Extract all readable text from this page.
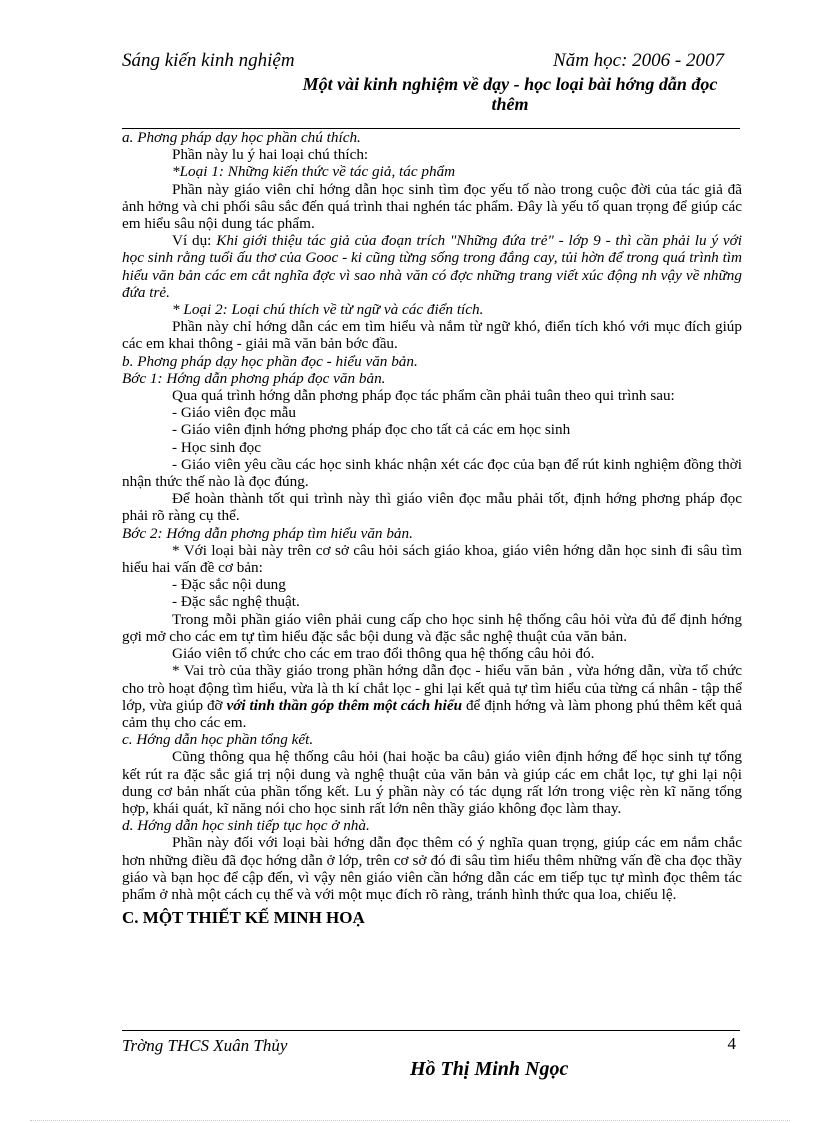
Sáng kiến kinh nghiệm	Năm học: 2006 - 2007
Một vài kinh nghiệm về dạy - học loại bài hớng dẫn đọc thêm

a. Phơng pháp dạy học phần chú thích.

Phần này lu ý hai loại chú thích:

*Loại 1: Những kiến thức về tác giả, tác phẩm

Phần này giáo viên chỉ hớng dẫn học sinh tìm đọc yếu tố nào trong cuộc đời của tác giả đã ảnh hởng và chi phối sâu sắc đến quá trình thai nghén tác phẩm. Đây là yếu tố quan trọng để giúp các em hiểu sâu nội dung tác phẩm.

Ví dụ: Khi giới thiệu tác giả của đoạn trích "Những đứa trẻ" - lớp 9 - thì cần phải lu ý với học sinh rằng tuổi ấu thơ của Gooc - ki cũng từng sống trong đắng cay, tủi hờn để trong quá trình tìm hiểu văn bản các em cắt nghĩa đợc vì sao nhà văn có đợc những trang viết xúc động nh vậy về những đứa trẻ.

* Loại 2: Loại chú thích về từ ngữ và các điển tích.

Phần này chỉ hớng dẫn các em tìm hiểu và nắm từ ngữ khó, điển tích khó với mục đích giúp các em khai thông - giải mã văn bản bớc đầu.

b. Phơng pháp dạy học phần đọc - hiểu văn bản.

Bớc 1: Hớng dẫn phơng pháp đọc văn bản.

Qua quá trình hớng dẫn phơng pháp đọc tác phẩm cần phải tuân theo qui trình sau:

- Giáo viên đọc mẫu

- Giáo viên định hớng phơng pháp đọc cho tất cả các em học sinh

- Học sinh đọc

- Giáo viên yêu cầu các học sinh khác nhận xét các đọc của bạn để rút kinh nghiệm đồng thời nhận thức thế nào là đọc đúng.

Để hoàn thành tốt qui trình này thì giáo viên đọc mẫu phải tốt, định hớng phơng pháp đọc phải rõ ràng cụ thể.

Bớc 2: Hớng dẫn phơng pháp tìm hiểu văn bản.

* Với loại bài này trên cơ sở câu hỏi sách giáo khoa, giáo viên hớng dẫn học sinh đi sâu tìm hiểu hai vấn đề cơ bản:

- Đặc sắc nội dung

- Đặc sắc nghệ thuật.

Trong mỗi phần giáo viên phải cung cấp cho học sinh hệ thống câu hỏi vừa đủ để định hớng gợi mở cho các em tự tìm hiểu đặc sắc bội dung và đặc sắc nghệ thuật của văn bản.

Giáo viên tổ chức cho các em trao đổi thông qua hệ thống câu hỏi đó.

* Vai trò của thầy giáo trong phần hớng dẫn đọc - hiểu văn bản , vừa hớng dẫn, vừa tổ chức cho trò hoạt động tìm hiểu, vừa là th kí chắt lọc - ghi lại kết quả tự tìm hiểu của từng cá nhân - tập thể lớp, vừa giúp đỡ với tinh thần góp thêm một cách hiểu để định hớng và làm phong phú thêm kết quả cảm thụ cho các em.

c. Hớng dẫn học phần tổng kết.

Cũng thông qua hệ thống câu hỏi (hai hoặc ba câu) giáo viên định hớng để học sinh tự tổng kết rút ra đặc sắc giá trị nội dung và nghệ thuật của văn bản và giúp các em chắt lọc, tự ghi lại nội dung cơ bản nhất của phần tổng kết. Lu ý phần này có tác dụng rất lớn trong việc rèn kĩ năng tổng hợp, khái quát, kĩ năng nói cho học sinh rất lớn nên thầy giáo không đọc làm thay.

d. Hớng dẫn học sinh tiếp tục học ở nhà.

Phần này đối với loại bài hớng dẫn đọc thêm có ý nghĩa quan trọng, giúp các em nắm chắc hơn những điều đã đọc hớng dẫn ở lớp, trên cơ sở đó đi sâu tìm hiểu thêm những vấn đề cha đọc thầy giáo và bạn học để cập đến, vì vậy nên giáo viên cần hớng dẫn các em tiếp tục tự mình đọc thêm tác phẩm ở nhà một cách cụ thể và với một mục đích rõ ràng, tránh hình thức qua loa, chiếu lệ.

C. MỘT THIẾT KẾ MINH HOẠ

Trờng THCS Xuân Thủy	4
Hồ Thị Minh Ngọc
